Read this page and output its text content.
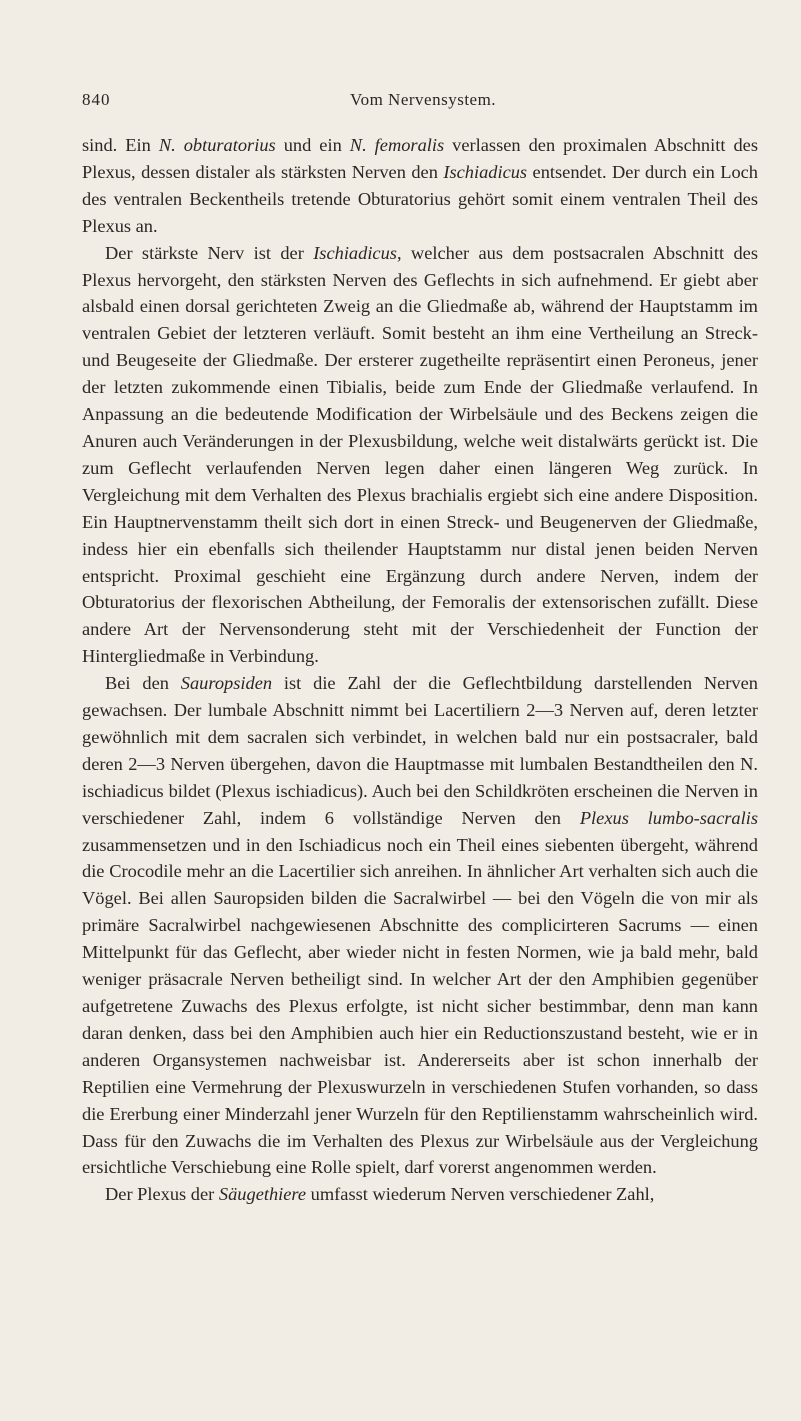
840	Vom Nervensystem.

sind. Ein N. obturatorius und ein N. femoralis verlassen den proximalen Abschnitt des Plexus, dessen distaler als stärksten Nerven den Ischiadicus entsendet. Der durch ein Loch des ventralen Beckentheils tretende Obturatorius gehört somit einem ventralen Theil des Plexus an.

Der stärkste Nerv ist der Ischiadicus, welcher aus dem postsacralen Abschnitt des Plexus hervorgeht, den stärksten Nerven des Geflechts in sich aufnehmend. Er giebt aber alsbald einen dorsal gerichteten Zweig an die Gliedmaße ab, während der Hauptstamm im ventralen Gebiet der letzteren verläuft. Somit besteht an ihm eine Vertheilung an Streck- und Beugeseite der Gliedmaße. Der ersterer zugetheilte repräsentirt einen Peroneus, jener der letzten zukommende einen Tibialis, beide zum Ende der Gliedmaße verlaufend. In Anpassung an die bedeutende Modification der Wirbelsäule und des Beckens zeigen die Anuren auch Veränderungen in der Plexusbildung, welche weit distalwärts gerückt ist. Die zum Geflecht verlaufenden Nerven legen daher einen längeren Weg zurück. In Vergleichung mit dem Verhalten des Plexus brachialis ergiebt sich eine andere Disposition. Ein Hauptnervenstamm theilt sich dort in einen Streck- und Beugenerven der Gliedmaße, indess hier ein ebenfalls sich theilender Hauptstamm nur distal jenen beiden Nerven entspricht. Proximal geschieht eine Ergänzung durch andere Nerven, indem der Obturatorius der flexorischen Abtheilung, der Femoralis der extensorischen zufällt. Diese andere Art der Nervensonderung steht mit der Verschiedenheit der Function der Hintergliedmaße in Verbindung.

Bei den Sauropsiden ist die Zahl der die Geflechtbildung darstellenden Nerven gewachsen. Der lumbale Abschnitt nimmt bei Lacertiliern 2—3 Nerven auf, deren letzter gewöhnlich mit dem sacralen sich verbindet, in welchen bald nur ein postsacraler, bald deren 2—3 Nerven übergehen, davon die Hauptmasse mit lumbalen Bestandtheilen den N. ischiadicus bildet (Plexus ischiadicus). Auch bei den Schildkröten erscheinen die Nerven in verschiedener Zahl, indem 6 vollständige Nerven den Plexus lumbo-sacralis zusammensetzen und in den Ischiadicus noch ein Theil eines siebenten übergeht, während die Crocodile mehr an die Lacertilier sich anreihen. In ähnlicher Art verhalten sich auch die Vögel. Bei allen Sauropsiden bilden die Sacralwirbel — bei den Vögeln die von mir als primäre Sacralwirbel nachgewiesenen Abschnitte des complicirteren Sacrums — einen Mittelpunkt für das Geflecht, aber wieder nicht in festen Normen, wie ja bald mehr, bald weniger präsacrale Nerven betheiligt sind. In welcher Art der den Amphibien gegenüber aufgetretene Zuwachs des Plexus erfolgte, ist nicht sicher bestimmbar, denn man kann daran denken, dass bei den Amphibien auch hier ein Reductionszustand besteht, wie er in anderen Organsystemen nachweisbar ist. Andererseits aber ist schon innerhalb der Reptilien eine Vermehrung der Plexuswurzeln in verschiedenen Stufen vorhanden, so dass die Ererbung einer Minderzahl jener Wurzeln für den Reptilienstamm wahrscheinlich wird. Dass für den Zuwachs die im Verhalten des Plexus zur Wirbelsäule aus der Vergleichung ersichtliche Verschiebung eine Rolle spielt, darf vorerst angenommen werden.

Der Plexus der Säugethiere umfasst wiederum Nerven verschiedener Zahl,
